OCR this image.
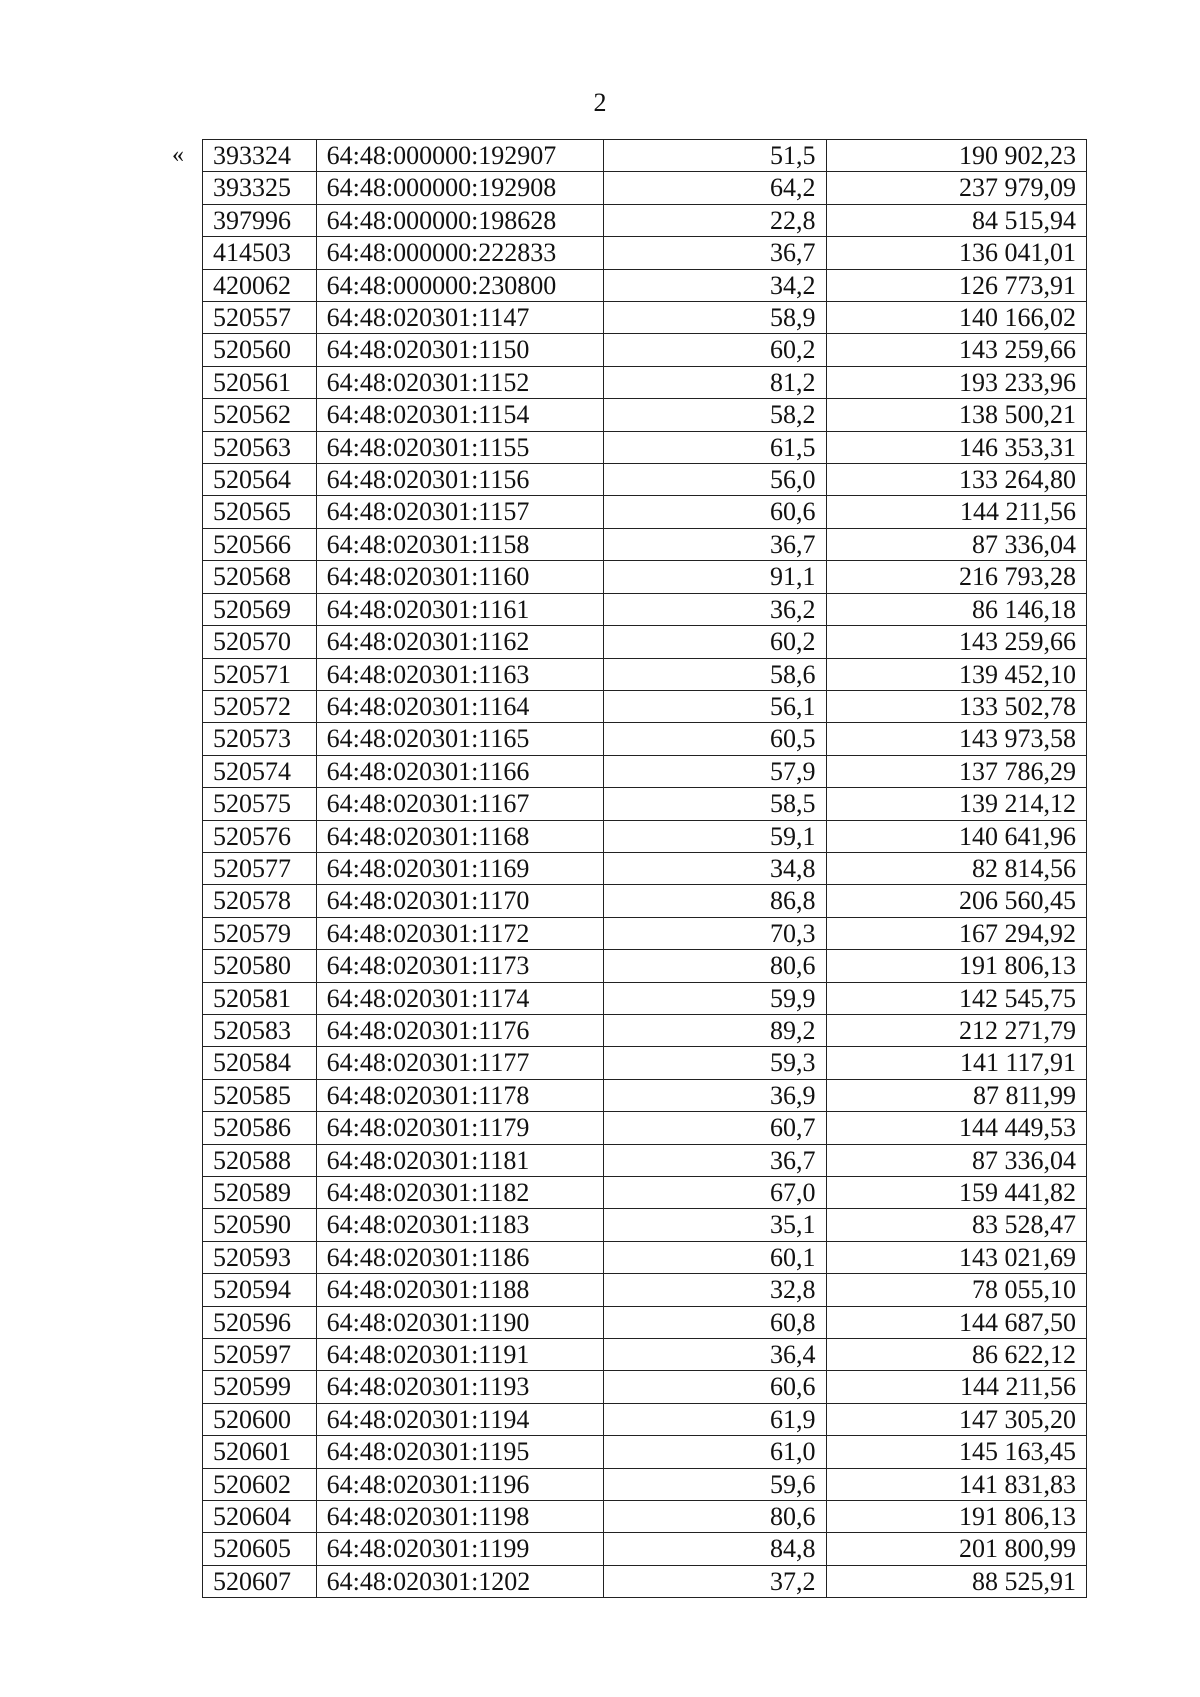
2
« 393324	64:48:000000:192907	51,5	190 902,23
393325	64:48:000000:192908	64,2	237 979,09
397996	64:48:000000:198628	22,8	84 515,94
414503	64:48:000000:222833	36,7	136 041,01
420062	64:48:000000:230800	34,2	126 773,91
520557	64:48:020301:1147	58,9	140 166,02
520560	64:48:020301:1150	60,2	143 259,66
520561	64:48:020301:1152	81,2	193 233,96
520562	64:48:020301:1154	58,2	138 500,21
520563	64:48:020301:1155	61,5	146 353,31
520564	64:48:020301:1156	56,0	133 264,80
520565	64:48:020301:1157	60,6	144 211,56
520566	64:48:020301:1158	36,7	87 336,04
520568	64:48:020301:1160	91,1	216 793,28
520569	64:48:020301:1161	36,2	86 146,18
520570	64:48:020301:1162	60,2	143 259,66
520571	64:48:020301:1163	58,6	139 452,10
520572	64:48:020301:1164	56,1	133 502,78
520573	64:48:020301:1165	60,5	143 973,58
520574	64:48:020301:1166	57,9	137 786,29
520575	64:48:020301:1167	58,5	139 214,12
520576	64:48:020301:1168	59,1	140 641,96
520577	64:48:020301:1169	34,8	82 814,56
520578	64:48:020301:1170	86,8	206 560,45
520579	64:48:020301:1172	70,3	167 294,92
520580	64:48:020301:1173	80,6	191 806,13
520581	64:48:020301:1174	59,9	142 545,75
520583	64:48:020301:1176	89,2	212 271,79
520584	64:48:020301:1177	59,3	141 117,91
520585	64:48:020301:1178	36,9	87 811,99
520586	64:48:020301:1179	60,7	144 449,53
520588	64:48:020301:1181	36,7	87 336,04
520589	64:48:020301:1182	67,0	159 441,82
520590	64:48:020301:1183	35,1	83 528,47
520593	64:48:020301:1186	60,1	143 021,69
520594	64:48:020301:1188	32,8	78 055,10
520596	64:48:020301:1190	60,8	144 687,50
520597	64:48:020301:1191	36,4	86 622,12
520599	64:48:020301:1193	60,6	144 211,56
520600	64:48:020301:1194	61,9	147 305,20
520601	64:48:020301:1195	61,0	145 163,45
520602	64:48:020301:1196	59,6	141 831,83
520604	64:48:020301:1198	80,6	191 806,13
520605	64:48:020301:1199	84,8	201 800,99
520607	64:48:020301:1202	37,2	88 525,91
